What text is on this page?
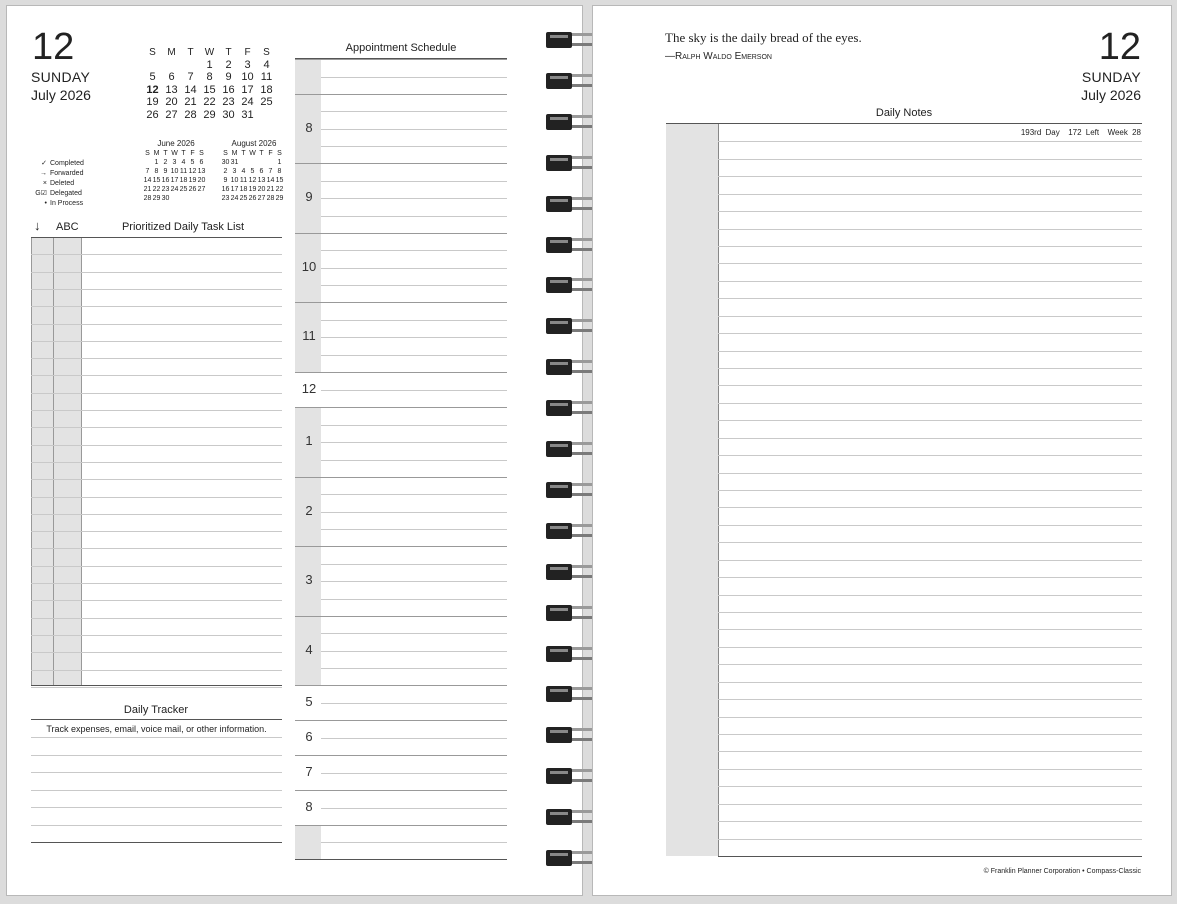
12
SUNDAY
July 2026
S	M	T	W	T	F	S
			1	2	3	4
5	6	7	8	9	10	11
12	13	14	15	16	17	18
19	20	21	22	23	24	25
26	27	28	29	30	31	
June 2026
S	M	T	W	T	F	S
	1	2	3	4	5	6
7	8	9	10	11	12	13
14	15	16	17	18	19	20
21	22	23	24	25	26	27
28	29	30				
August 2026
S	M	T	W	T	F	S
30	31					1
2	3	4	5	6	7	8
9	10	11	12	13	14	15
16	17	18	19	20	21	22
23	24	25	26	27	28	29
✓ Completed
→ Forwarded
× Deleted
G☑ Delegated
• In Process
↓ ABC	Prioritized Daily Task List
Daily Tracker
Track expenses, email, voice mail, or other information.
Appointment Schedule
8
9
10
11
12
1
2
3
4
5
6
7
8
The sky is the daily bread of the eyes.
—Ralph Waldo Emerson	12
SUNDAY
July 2026
Daily Notes
193rd Day 172 Left Week 28
© Franklin Planner Corporation • Compass-Classic
